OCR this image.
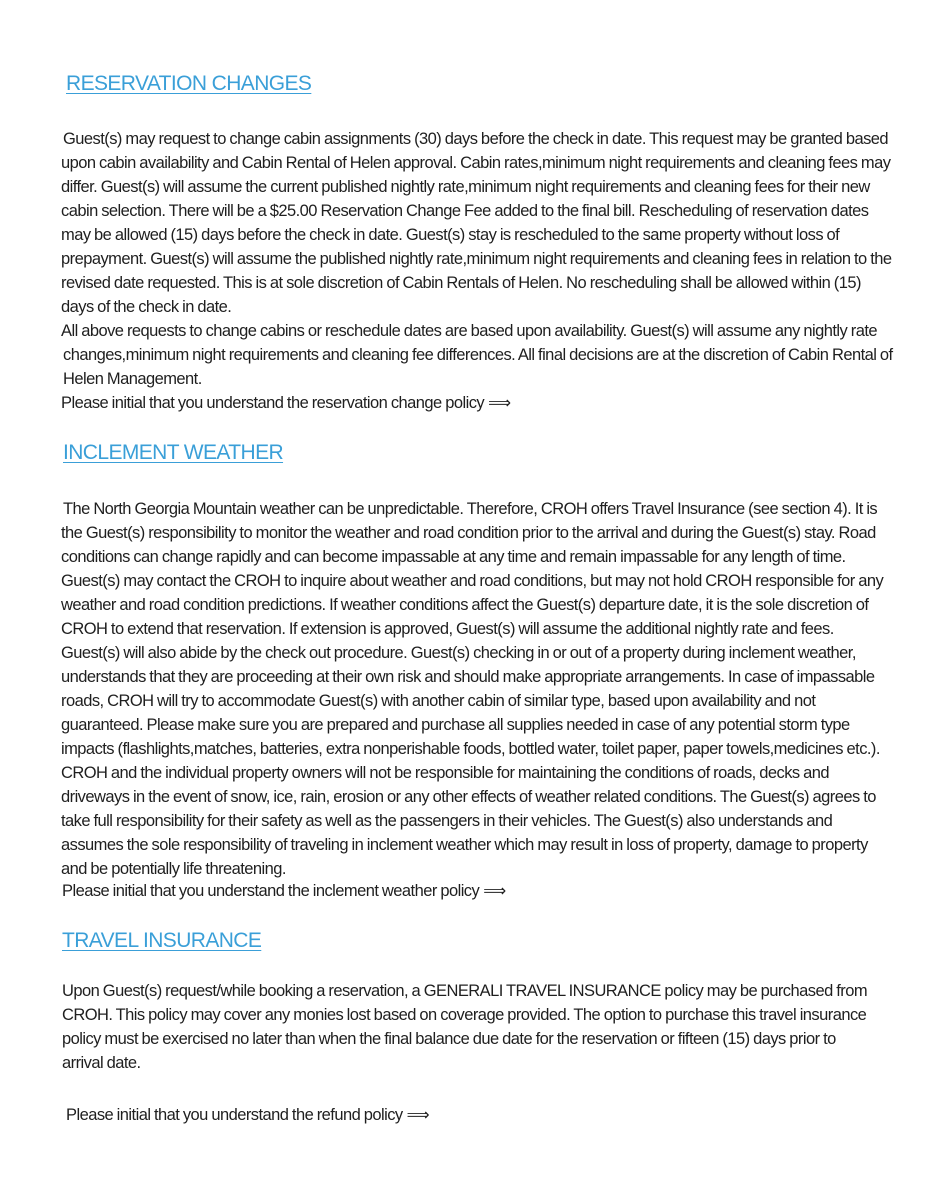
RESERVATION CHANGES

Guest(s) may request to change cabin assignments (30) days before the check in date. This request may be granted based upon cabin availability and Cabin Rental of Helen approval. Cabin rates,minimum night requirements and cleaning fees may differ. Guest(s) will assume the current published nightly rate,minimum night requirements and cleaning fees for their new cabin selection. There will be a $25.00 Reservation Change Fee added to the final bill. Rescheduling of reservation dates may be allowed (15) days before the check in date. Guest(s) stay is rescheduled to the same property without loss of prepayment. Guest(s) will assume the published nightly rate,minimum night requirements and cleaning fees in relation to the revised date requested. This is at sole discretion of Cabin Rentals of Helen. No rescheduling shall be allowed within (15) days of the check in date.

All above requests to change cabins or reschedule dates are based upon availability. Guest(s) will assume any nightly rate changes,minimum night requirements and cleaning fee differences. All final decisions are at the discretion of Cabin Rental of Helen Management.

Please initial that you understand the reservation change policy ⟹

INCLEMENT WEATHER

The North Georgia Mountain weather can be unpredictable. Therefore, CROH offers Travel Insurance (see section 4). It is the Guest(s) responsibility to monitor the weather and road condition prior to the arrival and during the Guest(s) stay. Road conditions can change rapidly and can become impassable at any time and remain impassable for any length of time. Guest(s) may contact the CROH to inquire about weather and road conditions, but may not hold CROH responsible for any weather and road condition predictions. If weather conditions affect the Guest(s) departure date, it is the sole discretion of CROH to extend that reservation. If extension is approved, Guest(s) will assume the additional nightly rate and fees. Guest(s) will also abide by the check out procedure. Guest(s) checking in or out of a property during inclement weather, understands that they are proceeding at their own risk and should make appropriate arrangements. In case of impassable roads, CROH will try to accommodate Guest(s) with another cabin of similar type, based upon availability and not guaranteed. Please make sure you are prepared and purchase all supplies needed in case of any potential storm type impacts (flashlights,matches, batteries, extra nonperishable foods, bottled water, toilet paper, paper towels,medicines etc.). CROH and the individual property owners will not be responsible for maintaining the conditions of roads, decks and driveways in the event of snow, ice, rain, erosion or any other effects of weather related conditions. The Guest(s) agrees to take full responsibility for their safety as well as the passengers in their vehicles. The Guest(s) also understands and assumes the sole responsibility of traveling in inclement weather which may result in loss of property, damage to property and be potentially life threatening.

Please initial that you understand the inclement weather policy ⟹

TRAVEL INSURANCE

Upon Guest(s) request/while booking a reservation, a GENERALI TRAVEL INSURANCE policy may be purchased from CROH. This policy may cover any monies lost based on coverage provided. The option to purchase this travel insurance policy must be exercised no later than when the final balance due date for the reservation or fifteen (15) days prior to arrival date.

Please initial that you understand the refund policy ⟹
